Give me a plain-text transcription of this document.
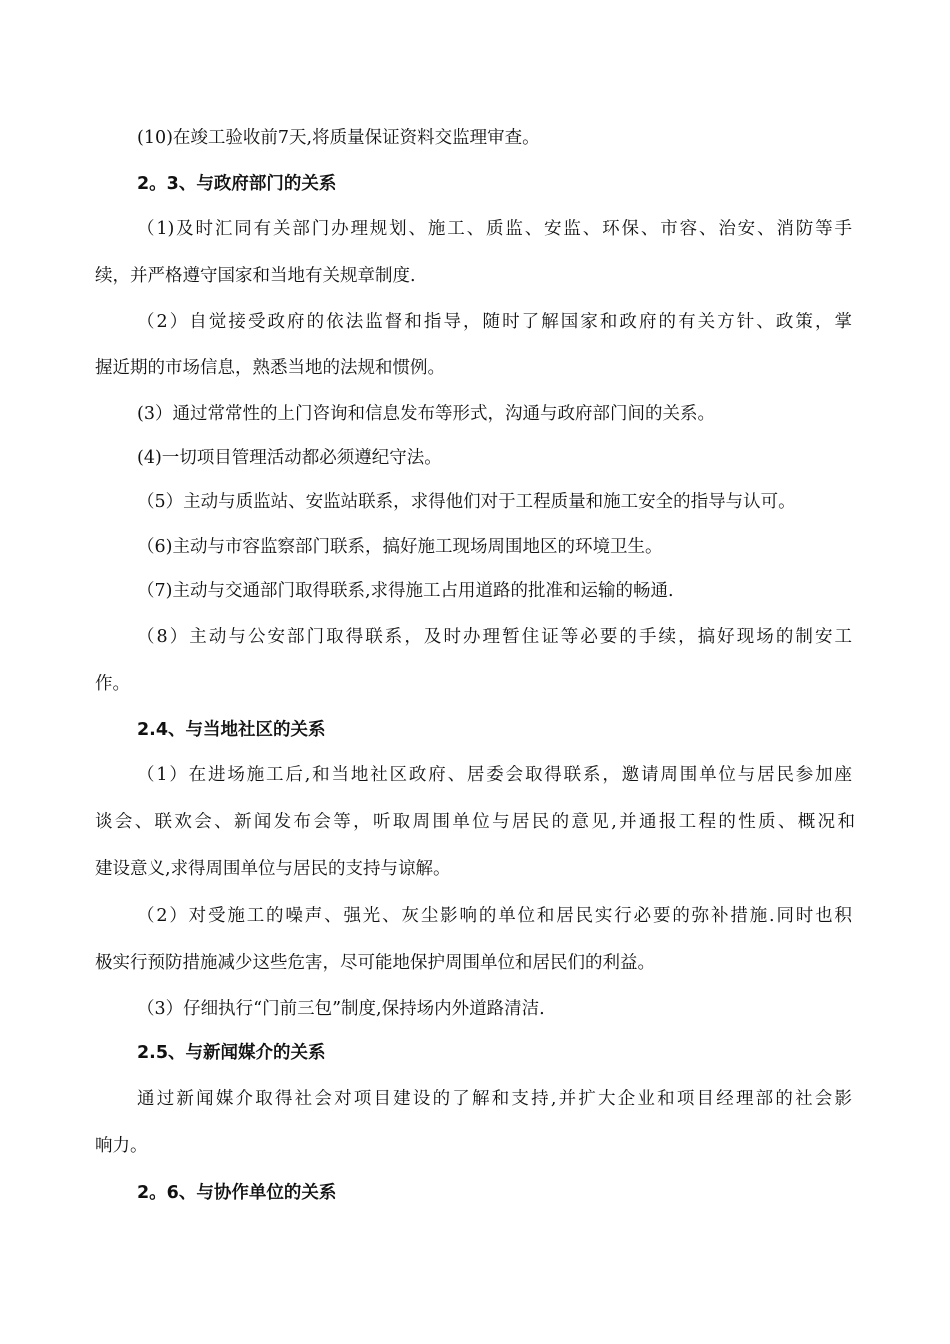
(10)在竣工验收前7天,将质量保证资料交监理审查。
2。3、与政府部门的关系
（1)及时汇同有关部门办理规划、施工、质监、安监、环保、市容、治安、消防等手
续，并严格遵守国家和当地有关规章制度.
（2）自觉接受政府的依法监督和指导，随时了解国家和政府的有关方针、政策，掌
握近期的市场信息，熟悉当地的法规和惯例。
(3）通过常常性的上门咨询和信息发布等形式，沟通与政府部门间的关系。
(4)一切项目管理活动都必须遵纪守法。
（5）主动与质监站、安监站联系，求得他们对于工程质量和施工安全的指导与认可。
（6)主动与市容监察部门联系，搞好施工现场周围地区的环境卫生。
（7)主动与交通部门取得联系,求得施工占用道路的批准和运输的畅通.
（8）主动与公安部门取得联系，及时办理暂住证等必要的手续，搞好现场的制安工
作。
2.4、与当地社区的关系
（1）在进场施工后,和当地社区政府、居委会取得联系，邀请周围单位与居民参加座
谈会、联欢会、新闻发布会等，听取周围单位与居民的意见,并通报工程的性质、概况和
建设意义,求得周围单位与居民的支持与谅解。
（2）对受施工的噪声、强光、灰尘影响的单位和居民实行必要的弥补措施.同时也积
极实行预防措施减少这些危害，尽可能地保护周围单位和居民们的利益。
（3）仔细执行“门前三包”制度,保持场内外道路清洁.
2.5、与新闻媒介的关系
通过新闻媒介取得社会对项目建设的了解和支持,并扩大企业和项目经理部的社会影
响力。
2。6、与协作单位的关系
